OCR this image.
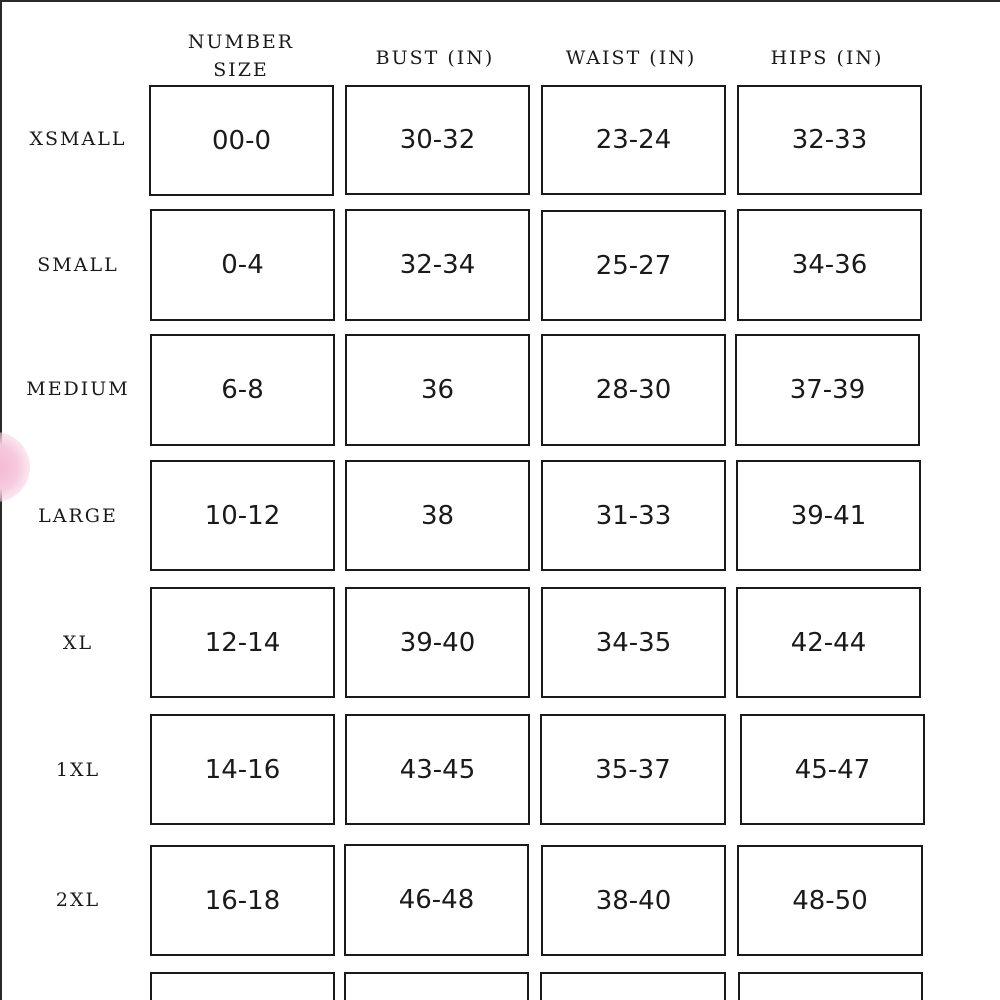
NUMBER
SIZE
BUST (IN)	WAIST (IN)	HIPS (IN)
XSMALL	00-0	30-32	23-24	32-33
SMALL	0-4	32-34	25-27	34-36
MEDIUM	6-8	36	28-30	37-39
LARGE	10-12	38	31-33	39-41
XL	12-14	39-40	34-35	42-44
1XL	14-16	43-45	35-37	45-47
2XL	16-18	46-48	38-40	48-50
